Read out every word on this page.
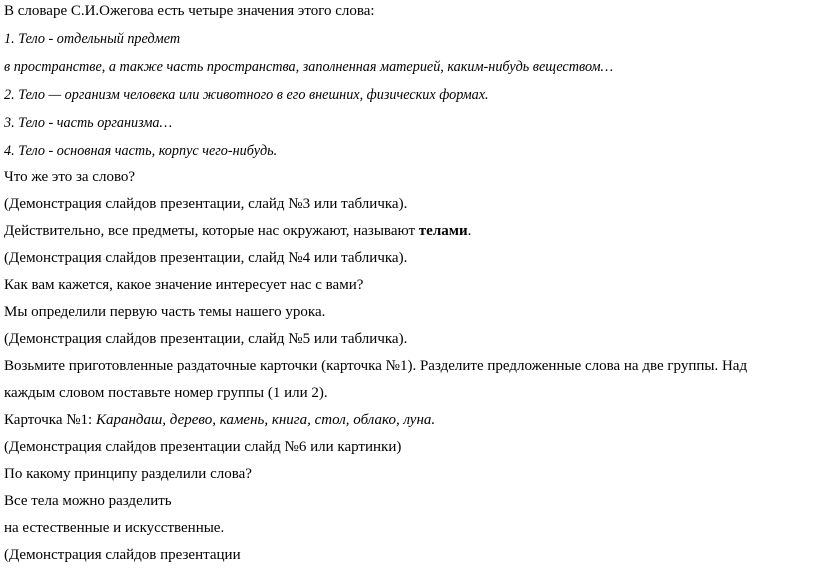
В словаре С.И.Ожегова есть четыре значения этого слова:
1. Тело - отдельный предмет
в пространстве, а также часть пространства, заполненная материей, каким-нибудь веществом…
2. Тело — организм человека или животного в его внешних, физических формах.
3. Тело - часть организма…
4. Тело - основная часть, корпус чего-нибудь.
Что же это за слово?
(Демонстрация слайдов презентации, слайд №3 или табличка).
Действительно, все предметы, которые нас окружают, называют телами.
(Демонстрация слайдов презентации, слайд №4 или табличка).
Как вам кажется, какое значение интересует нас с вами?
Мы определили первую часть темы нашего урока.
(Демонстрация слайдов презентации, слайд №5 или табличка).
Возьмите приготовленные раздаточные карточки (карточка №1). Разделите предложенные слова на две группы. Над
каждым словом поставьте номер группы (1 или 2).
Карточка №1: Карандаш, дерево, камень, книга, стол, облако, луна.
(Демонстрация слайдов презентации слайд №6 или картинки)
По какому принципу разделили слова?
Все тела можно разделить
на естественные и искусственные.
(Демонстрация слайдов презентации
